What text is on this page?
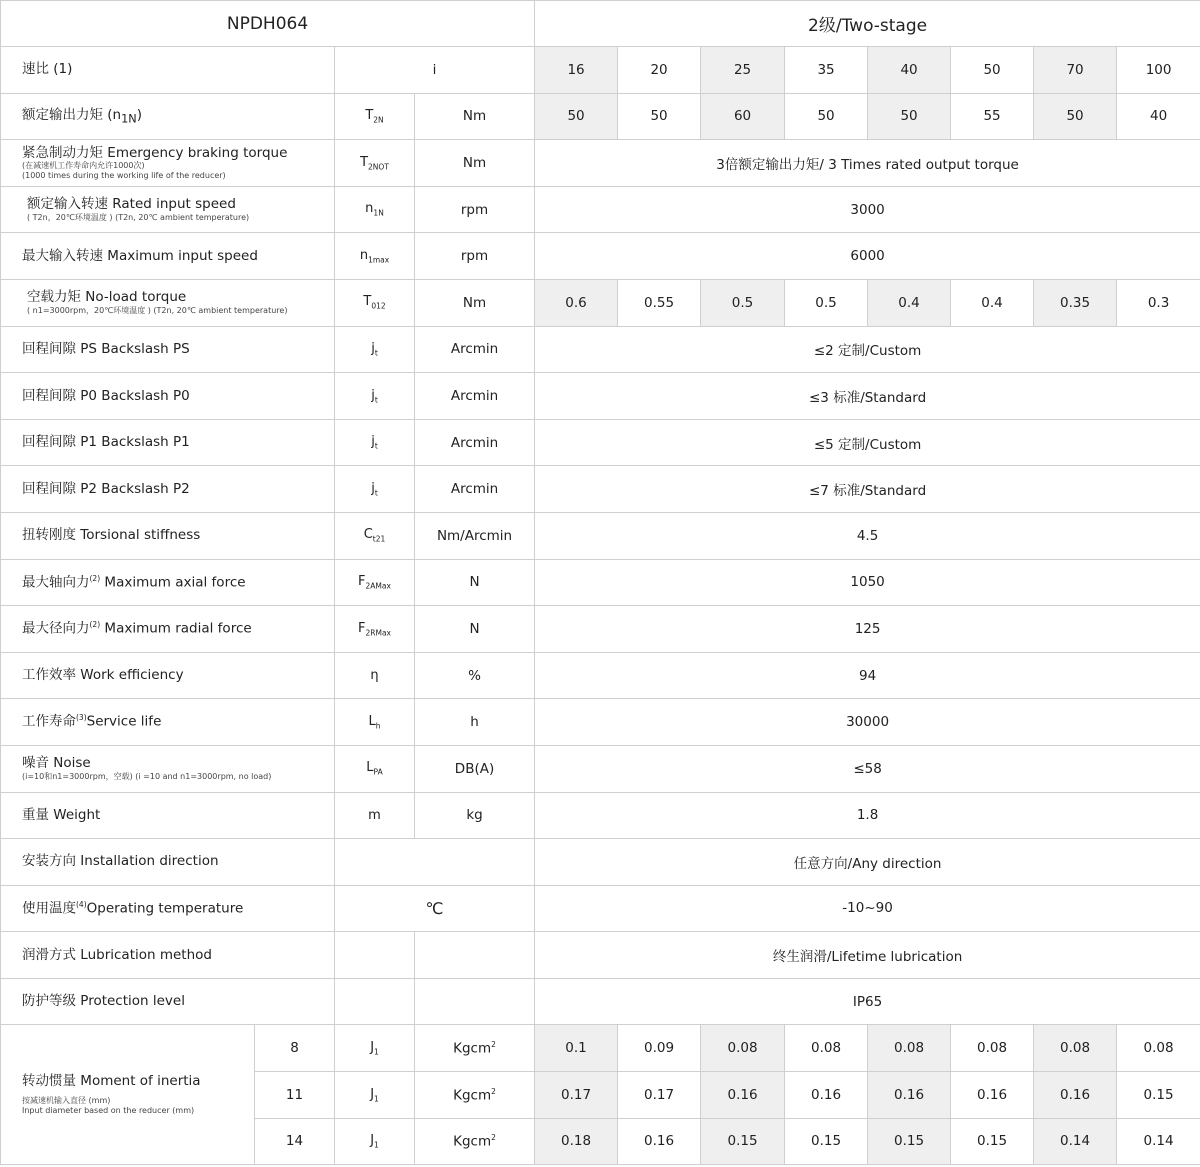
NPDH064				2级/Two-stage							
速比 (1)		i		16	20	25	35	40	50	70	100
额定输出力矩 $(n_{1N})$		$T_{2N}$	Nm	50	50	60	50	50	55	50	40
紧急制动力矩 Emergency braking torque
(在减速机工作寿命内允许1000次)
(1000 times during the working life of the reducer)		$T_{2NOT}$	Nm	3倍额定输出力矩/ 3 Times rated output torque							
额定输入转速 Rated input speed
( T2n，20℃环境温度 ) (T2n, 20℃ ambient temperature)		$n_{1N}$	rpm	3000							
最大输入转速 Maximum input speed		$n_{1max}$	rpm	6000							
空载力矩 No-load torque
( n1=3000rpm，20℃环境温度 ) (T2n, 20℃ ambient temperature)		$T_{012}$	Nm	0.6	0.55	0.5	0.5	0.4	0.4	0.35	0.3
回程间隙 PS Backslash PS		$j_t$	Arcmin	≤2 定制/Custom							
回程间隙 P0 Backslash P0		$j_t$	Arcmin	≤3 标准/Standard							
回程间隙 P1 Backslash P1		$j_t$	Arcmin	≤5 定制/Custom							
回程间隙 P2 Backslash P2		$j_t$	Arcmin	≤7 标准/Standard							
扭转刚度 Torsional stiffness		$C_{t21}$	Nm/Arcmin	4.5							
最大轴向力$^{(2)}$ Maximum axial force		$F_{2AMax}$	N	1050							
最大径向力$^{(2)}$ Maximum radial force		$F_{2RMax}$	N	125							
工作效率 Work efficiency		η	%	94							
工作寿命$^{(3)}$Service life		$L_h$	h	30000							
噪音 Noise
(i=10和n1=3000rpm，空载) (i =10 and n1=3000rpm, no load)		$L_{PA}$	DB(A)	≤58							
重量 Weight		m	kg	1.8							
安装方向 Installation direction				任意方向/Any direction							
使用温度$^{(4)}$Operating temperature		℃		-10~90							
润滑方式 Lubrication method				终生润滑/Lifetime lubrication							
防护等级 Protection level				IP65							
转动惯量 Moment of inertia
按减速机输入直径 (mm)
Input diameter based on the reducer (mm)	8	$J_1$	Kgcm$^2$	0.1	0.09	0.08	0.08	0.08	0.08	0.08	0.08
	11	$J_1$	Kgcm$^2$	0.17	0.17	0.16	0.16	0.16	0.16	0.16	0.15
	14	$J_1$	Kgcm$^2$	0.18	0.16	0.15	0.15	0.15	0.15	0.14	0.14
